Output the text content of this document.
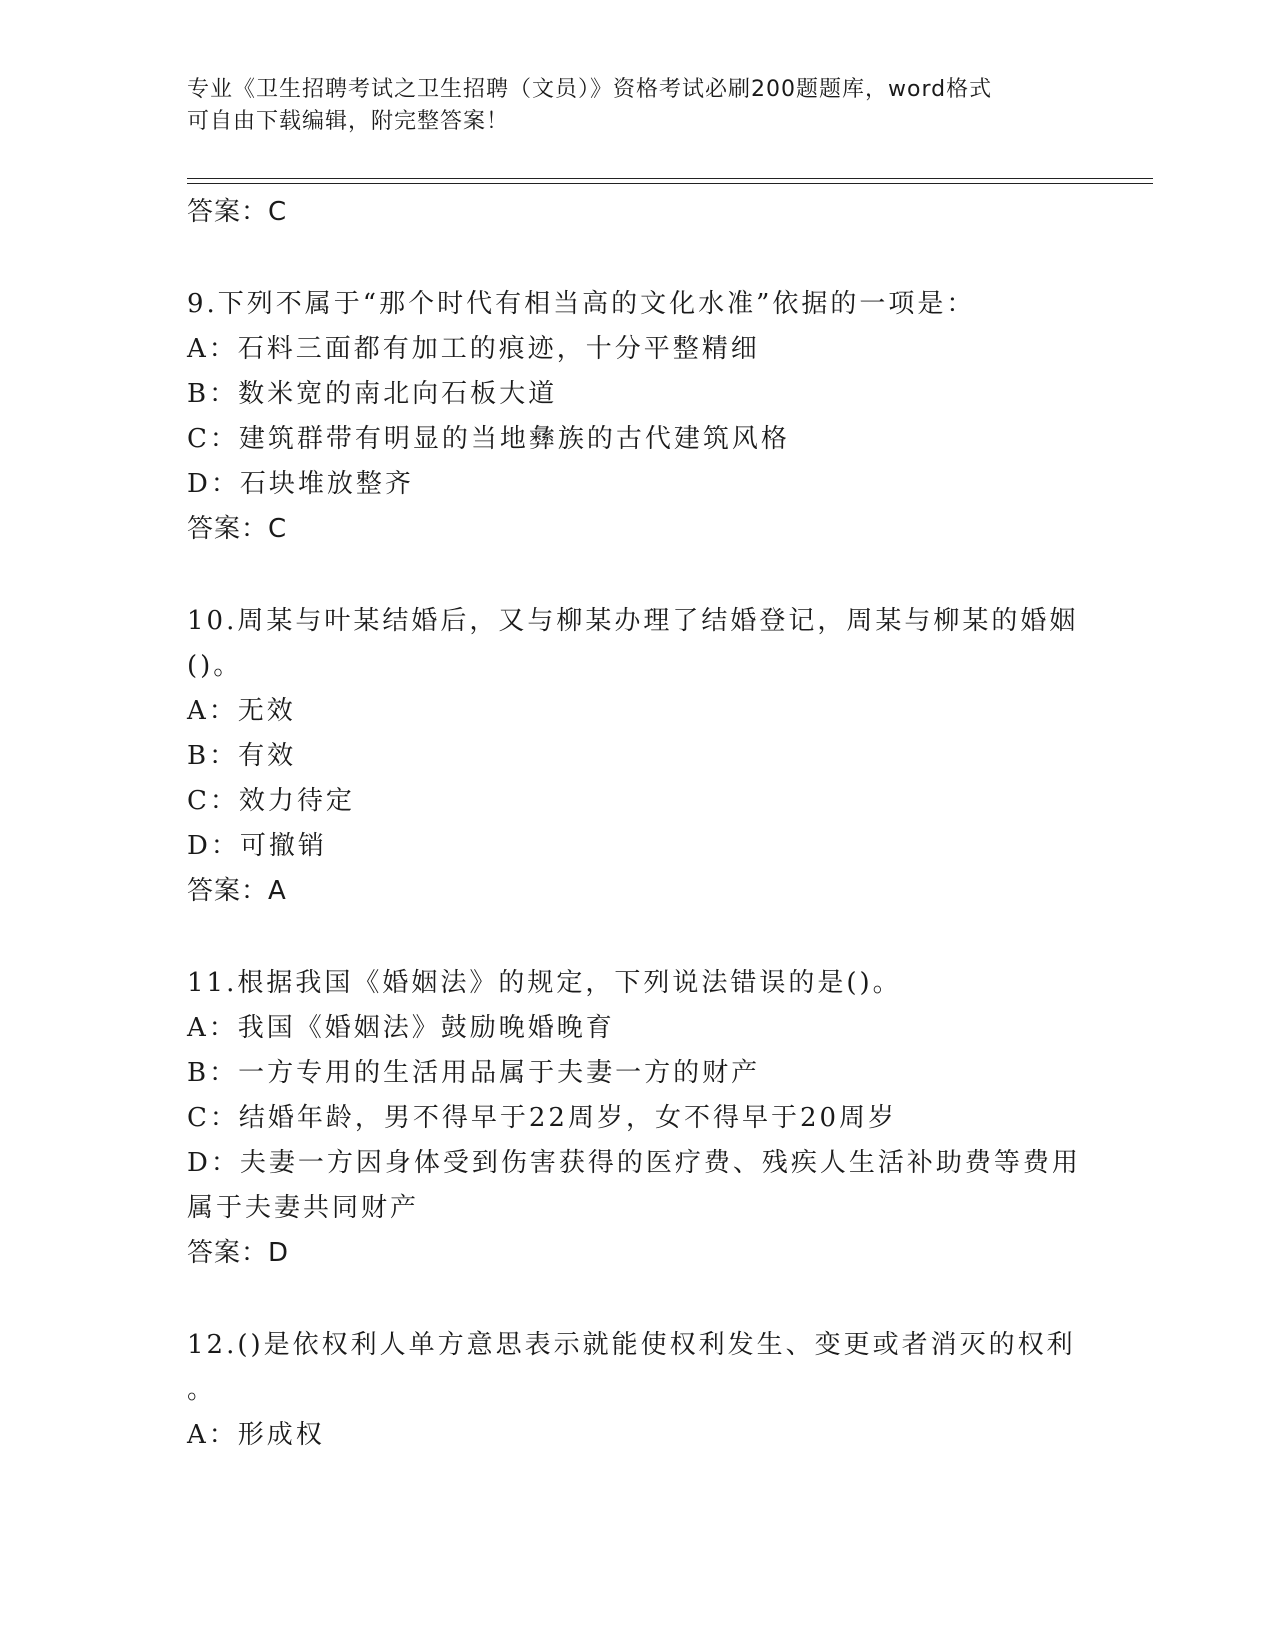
专业《卫生招聘考试之卫生招聘（文员）》资格考试必刷200题题库，word格式
可自由下载编辑，附完整答案！
答案：C
9.下列不属于“那个时代有相当高的文化水准”依据的一项是：
A：石料三面都有加工的痕迹，十分平整精细
B：数米宽的南北向石板大道
C：建筑群带有明显的当地彝族的古代建筑风格
D：石块堆放整齐
答案：C
10.周某与叶某结婚后，又与柳某办理了结婚登记，周某与柳某的婚姻
()。
A：无效
B：有效
C：效力待定
D：可撤销
答案：A
11.根据我国《婚姻法》的规定，下列说法错误的是()。
A：我国《婚姻法》鼓励晚婚晚育
B：一方专用的生活用品属于夫妻一方的财产
C：结婚年龄，男不得早于22周岁，女不得早于20周岁
D：夫妻一方因身体受到伤害获得的医疗费、残疾人生活补助费等费用
属于夫妻共同财产
答案：D
12.()是依权利人单方意思表示就能使权利发生、变更或者消灭的权利
。
A：形成权
